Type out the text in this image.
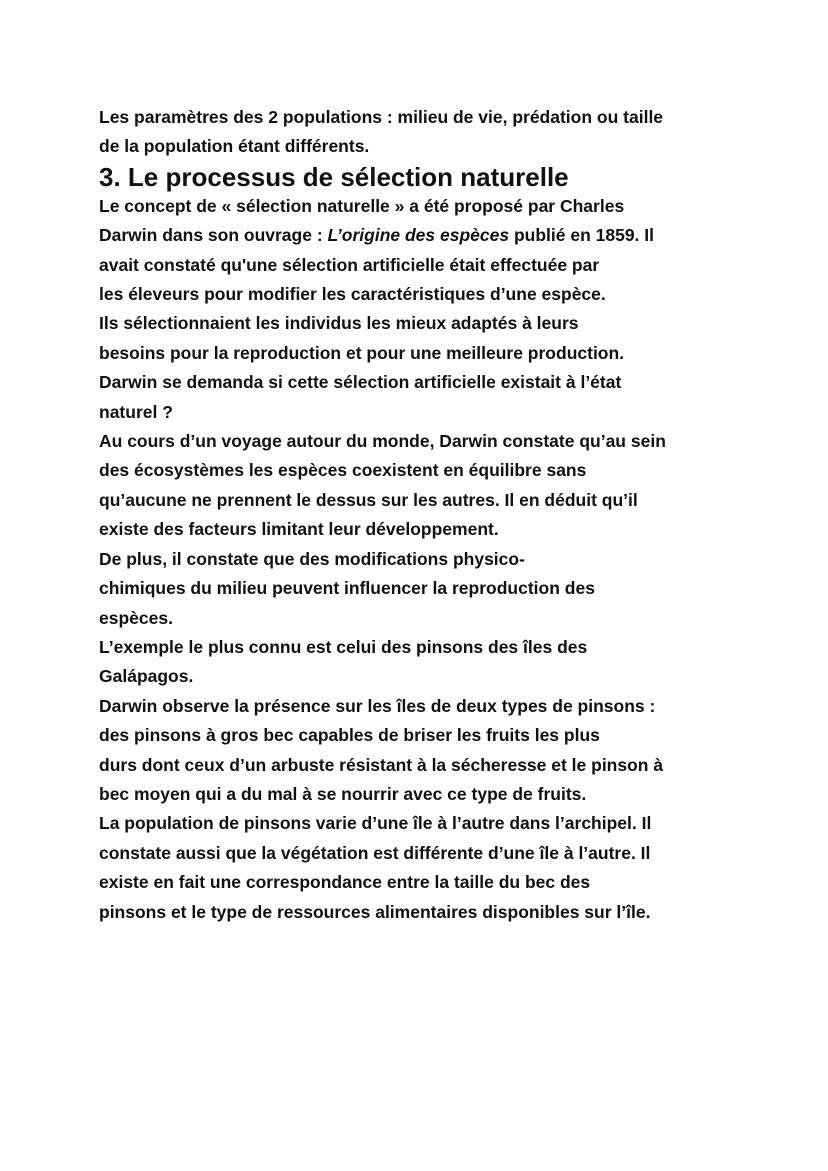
Les paramètres des 2 populations : milieu de vie, prédation ou taille
de la population étant différents.
3. Le processus de sélection naturelle
Le concept de « sélection naturelle » a été proposé par Charles
Darwin dans son ouvrage : L’origine des espèces publié en 1859. Il
avait constaté qu'une sélection artificielle était effectuée par
les éleveurs pour modifier les caractéristiques d’une espèce.
Ils sélectionnaient les individus les mieux adaptés à leurs
besoins pour la reproduction et pour une meilleure production.
Darwin se demanda si cette sélection artificielle existait à l’état
naturel ?
Au cours d’un voyage autour du monde, Darwin constate qu’au sein
des écosystèmes les espèces coexistent en équilibre sans
qu’aucune ne prennent le dessus sur les autres. Il en déduit qu’il
existe des facteurs limitant leur développement.
De plus, il constate que des modifications physico-
chimiques du milieu peuvent influencer la reproduction des
espèces.
L’exemple le plus connu est celui des pinsons des îles des
Galápagos.
Darwin observe la présence sur les îles de deux types de pinsons :
des pinsons à gros bec capables de briser les fruits les plus
durs dont ceux d’un arbuste résistant à la sécheresse et le pinson à
bec moyen qui a du mal à se nourrir avec ce type de fruits.
La population de pinsons varie d’une île à l’autre dans l’archipel. Il
constate aussi que la végétation est différente d’une île à l’autre. Il
existe en fait une correspondance entre la taille du bec des
pinsons et le type de ressources alimentaires disponibles sur l’île.
